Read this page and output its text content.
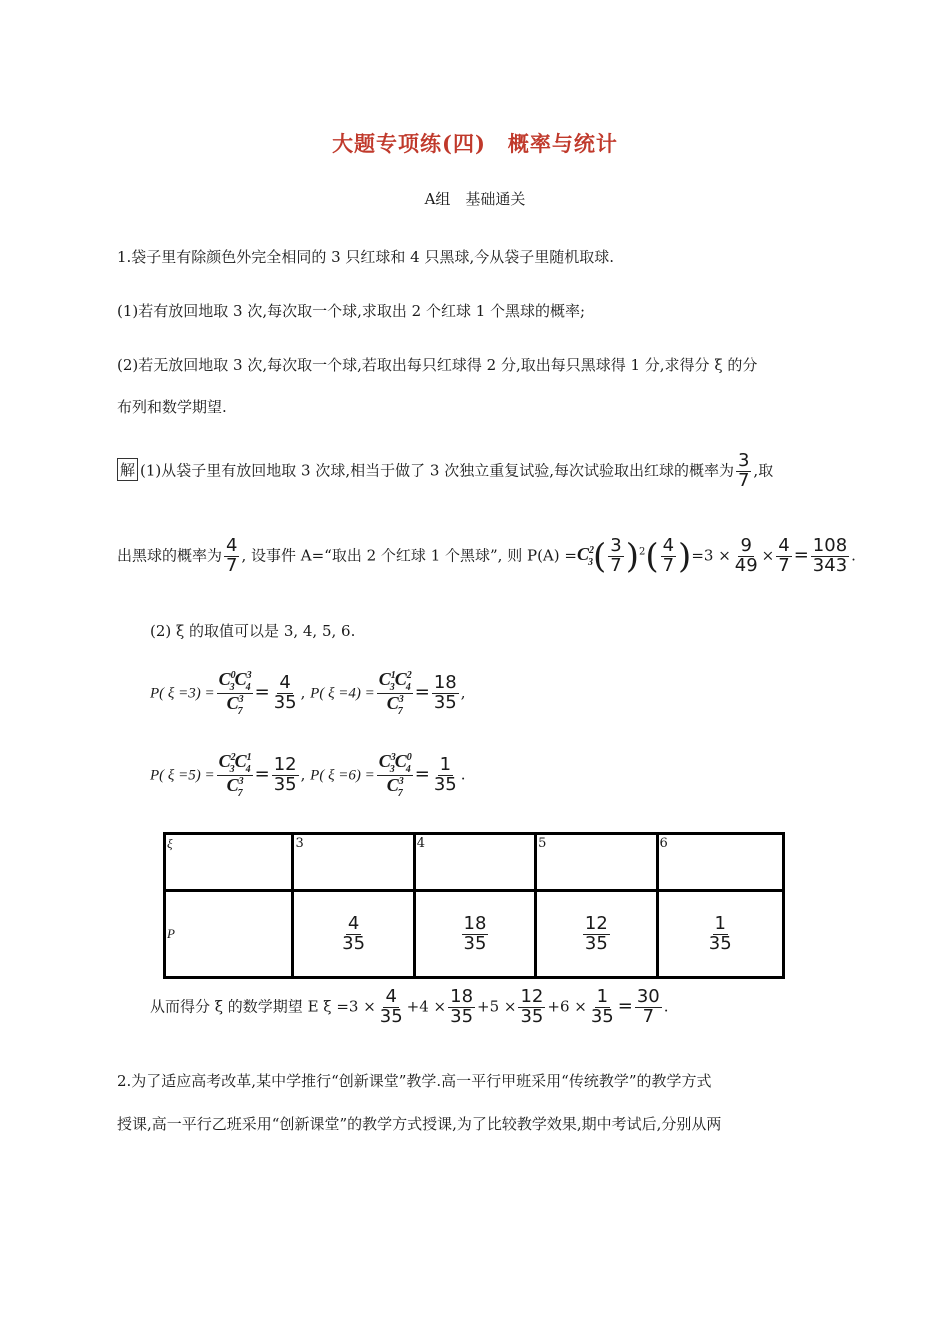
大题专项练(四)　概率与统计
A组　基础通关
1.袋子里有除颜色外完全相同的 3 只红球和 4 只黑球,今从袋子里随机取球.
(1)若有放回地取 3 次,每次取一个球,求取出 2 个红球 1 个黑球的概率;
(2)若无放回地取 3 次,每次取一个球,若取出每只红球得 2 分,取出每只黑球得 1 分,求得分 ξ 的分
布列和数学期望.
解 (1)从袋子里有放回地取 3 次球,相当于做了 3 次独立重复试验,每次试验取出红球的概率为 $\frac{3}{7}$ ,取
出黑球的概率为 $\frac{4}{7}$ , 设事件 A=“取出 2 个红球 1 个黑球”, 则 $P(A) =C^2_3( \frac{3}{7} )^2( \frac{4}{7} )=3 \times \frac{9}{49} \times \frac{4}{7} = \frac{108}{343}$ .
(2) ξ 的取值可以是 3, 4, 5, 6.
P( $\xi =3) = \frac{C^0_3C^3_4}{C^3_7} = \frac{4}{35}$ , P( $\xi =4) = \frac{C^1_3C^2_4}{C^3_7} = \frac{18}{35}$ ,
P( $\xi =5) = \frac{C^2_3C^1_4}{C^3_7} = \frac{12}{35}$ , P( $\xi =6) = \frac{C^3_3C^0_4}{C^3_7} = \frac{1}{35}$ .
ξ	3	4	5	6
P	$\frac{4}{35}$	$\frac{18}{35}$	$\frac{12}{35}$	$\frac{1}{35}$
从而得分 ξ 的数学期望 E $\xi =3 \times \frac{4}{35} +4 \times \frac{18}{35} +5 \times \frac{12}{35} +6 \times \frac{1}{35} = \frac{30}{7}$ .
2.为了适应高考改革,某中学推行“创新课堂”教学.高一平行甲班采用“传统教学”的教学方式
授课,高一平行乙班采用“创新课堂”的教学方式授课,为了比较教学效果,期中考试后,分别从两
